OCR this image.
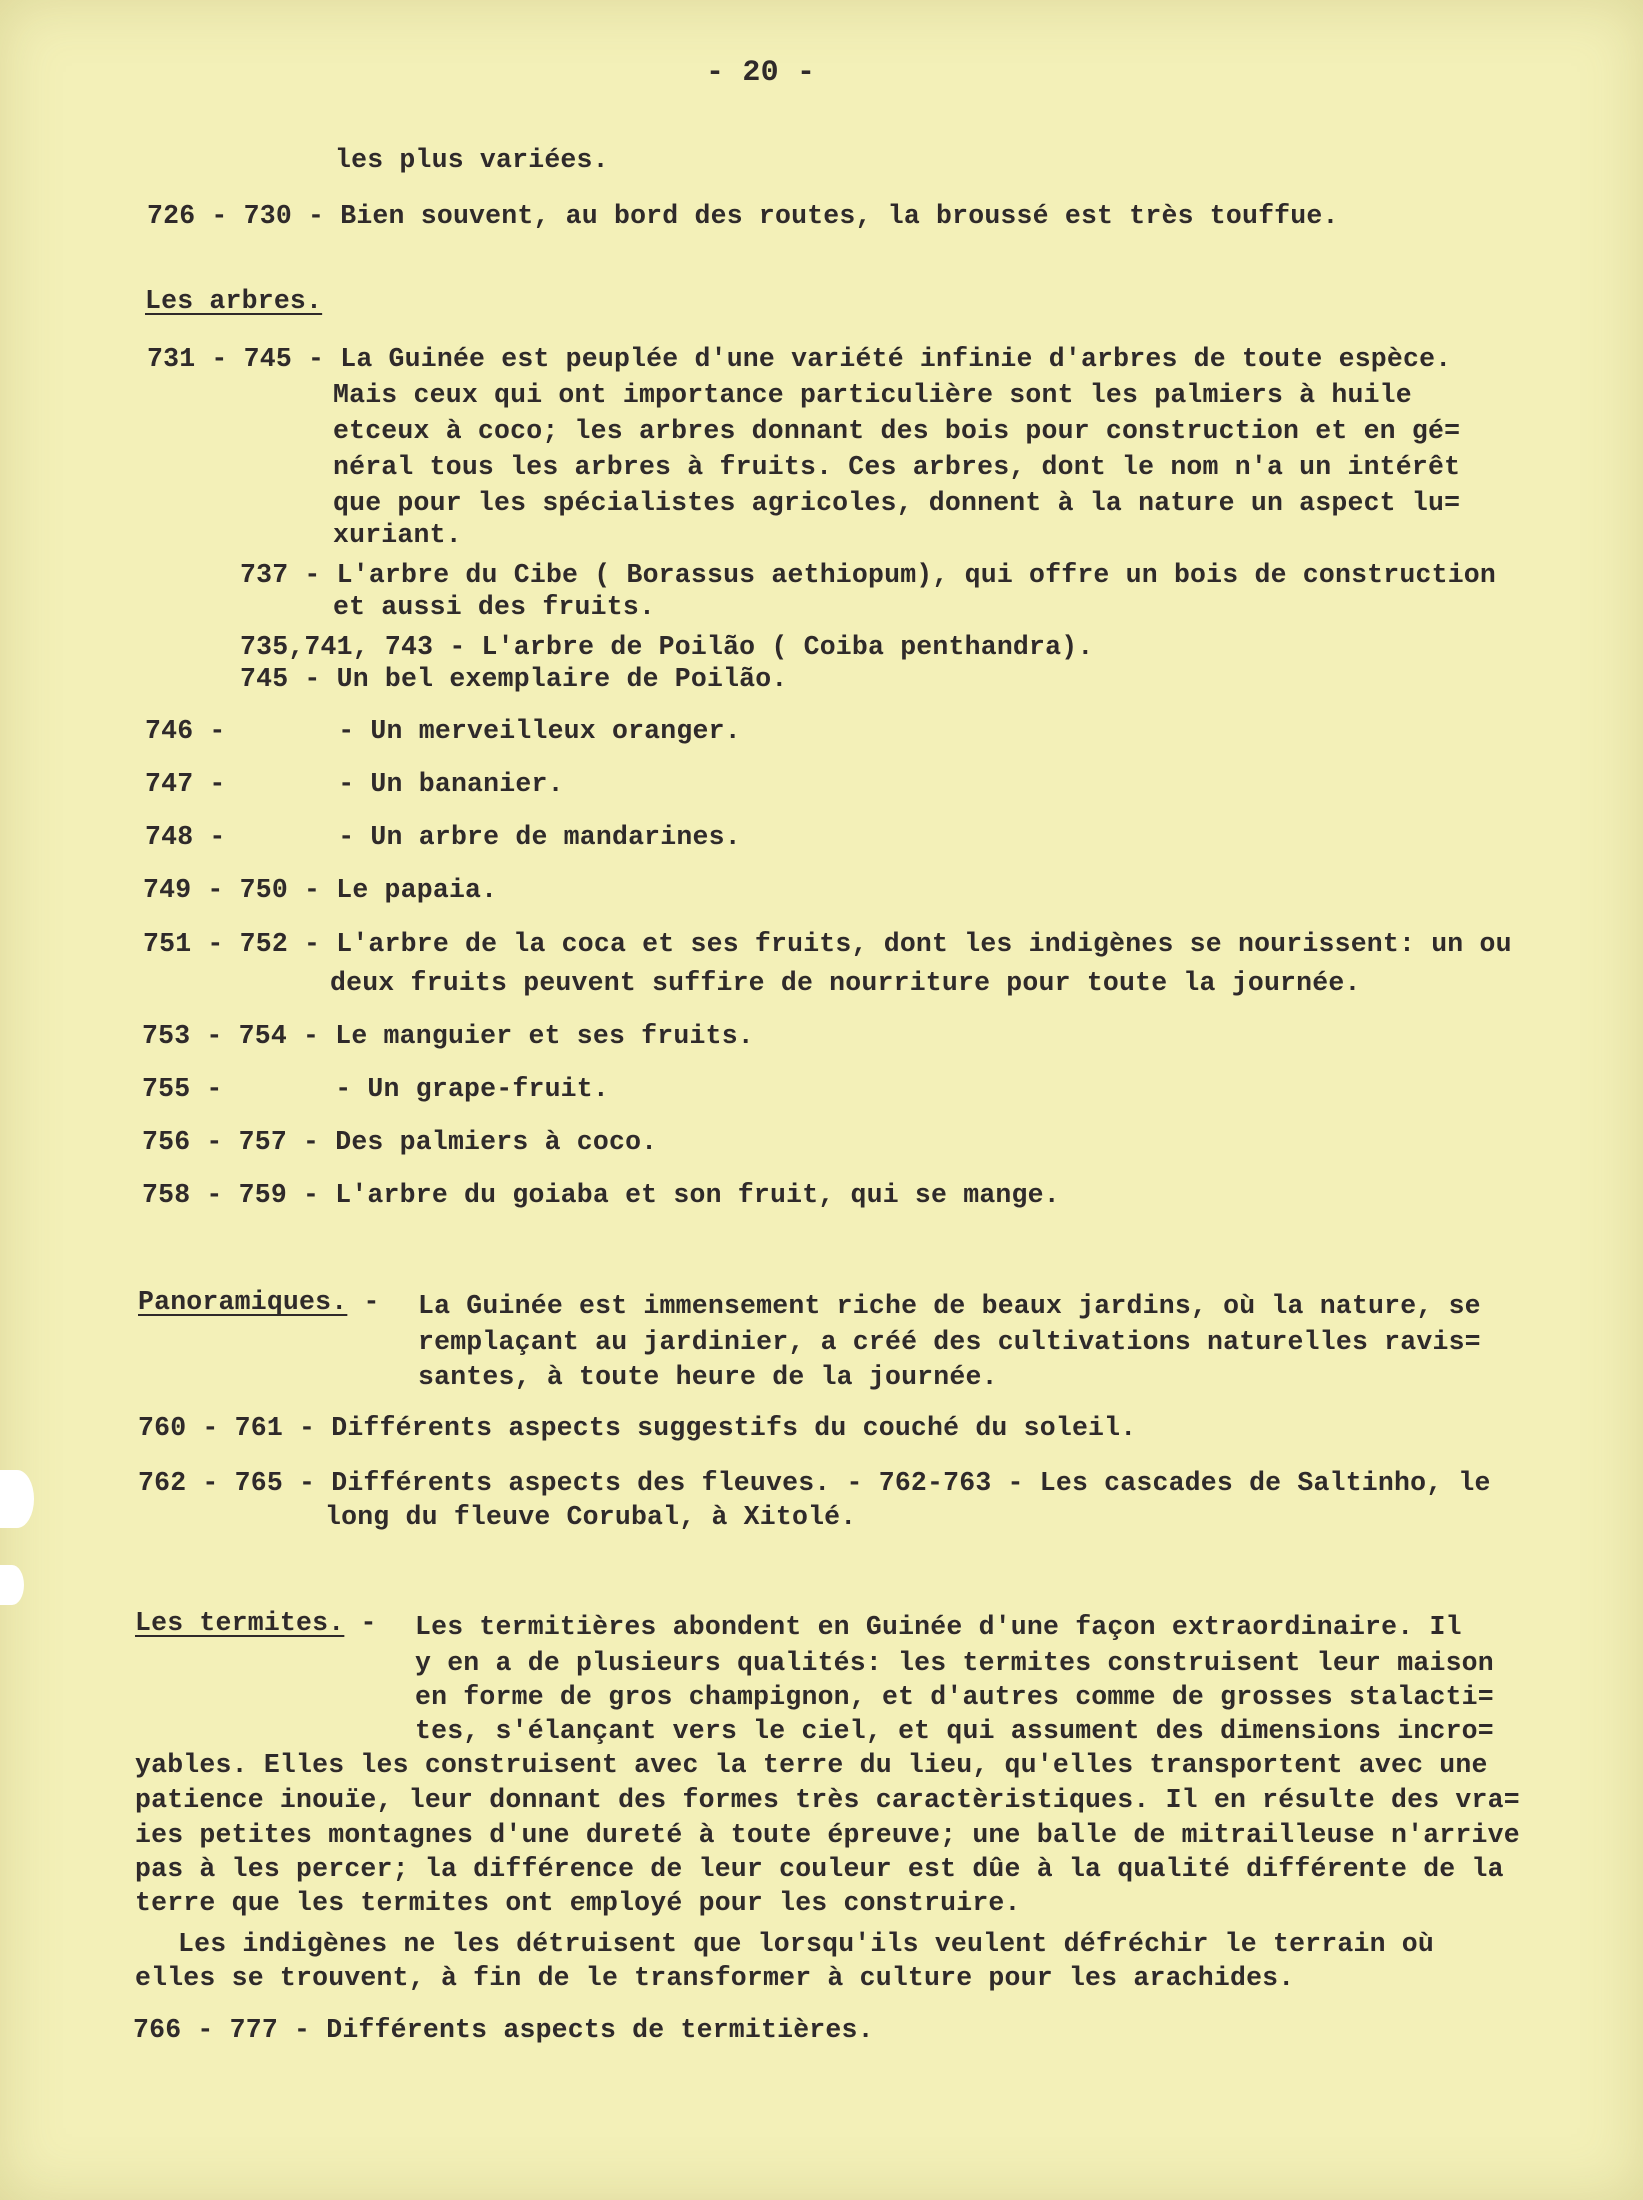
- 20 -
les plus variées.
726 - 730 - Bien souvent, au bord des routes, la broussé est très touffue.
Les arbres.
731 - 745 - La Guinée est peuplée d'une variété infinie d'arbres de toute espèce.
Mais ceux qui ont importance particulière sont les palmiers à huile
etceux à coco; les arbres donnant des bois pour construction et en gé=
néral tous les arbres à fruits. Ces arbres, dont le nom n'a un intérêt
que pour les spécialistes agricoles, donnent à la nature un aspect lu=
xuriant.
737 - L'arbre du Cibe ( Borassus aethiopum), qui offre un bois de construction
et aussi des fruits.
735,741, 743 - L'arbre de Poilão ( Coiba penthandra).
745 - Un bel exemplaire de Poilão.
746 -       - Un merveilleux oranger.
747 -       - Un bananier.
748 -       - Un arbre de mandarines.
749 - 750 - Le papaia.
751 - 752 - L'arbre de la coca et ses fruits, dont les indigènes se nourissent: un ou
deux fruits peuvent suffire de nourriture pour toute la journée.
753 - 754 - Le manguier et ses fruits.
755 -       - Un grape-fruit.
756 - 757 - Des palmiers à coco.
758 - 759 - L'arbre du goiaba et son fruit, qui se mange.
Panoramiques. - La Guinée est immensement riche de beaux jardins, où la nature, se
remplaçant au jardinier, a créé des cultivations naturelles ravis=
santes, à toute heure de la journée.
760 - 761 - Différents aspects suggestifs du couché du soleil.
762 - 765 - Différents aspects des fleuves. - 762-763 - Les cascades de Saltinho, le
long du fleuve Corubal, à Xitolé.
Les termites. - Les termitières abondent en Guinée d'une façon extraordinaire. Il
y en a de plusieurs qualités: les termites construisent leur maison
en forme de gros champignon, et d'autres comme de grosses stalacti=
tes, s'élançant vers le ciel, et qui assument des dimensions incro=
yables. Elles les construisent avec la terre du lieu, qu'elles transportent avec une
patience inouïe, leur donnant des formes très caractèristiques. Il en résulte des vra=
ies petites montagnes d'une dureté à toute épreuve; une balle de mitrailleuse n'arrive
pas à les percer; la différence de leur couleur est dûe à la qualité différente de la
terre que les termites ont employé pour les construire.
Les indigènes ne les détruisent que lorsqu'ils veulent défréchir le terrain où
elles se trouvent, à fin de le transformer à culture pour les arachides.
766 - 777 - Différents aspects de termitières.
